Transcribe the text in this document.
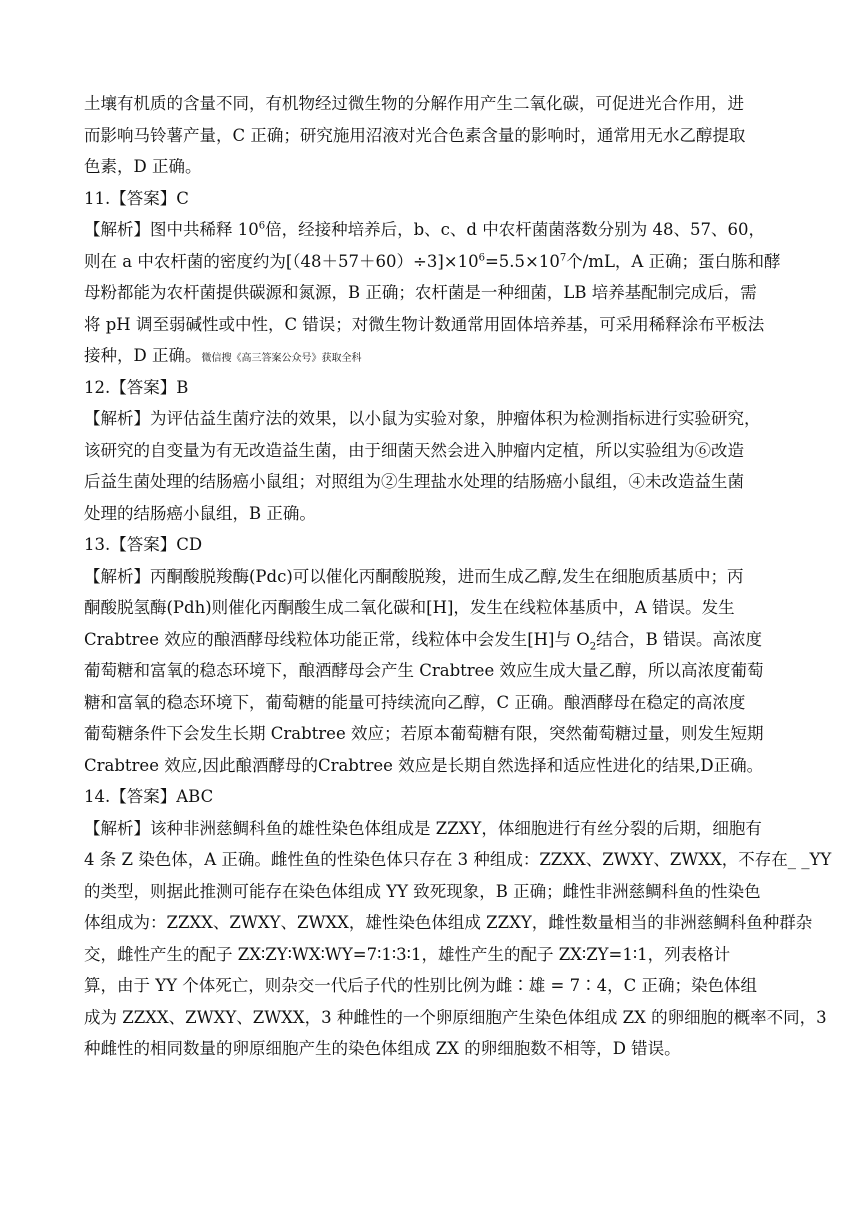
土壤有机质的含量不同，有机物经过微生物的分解作用产生二氧化碳，可促进光合作用，进
而影响马铃薯产量，C 正确；研究施用沼液对光合色素含量的影响时，通常用无水乙醇提取
色素，D 正确。
11.【答案】C
【解析】图中共稀释 $10^6$倍，经接种培养后，b、c、d 中农杆菌菌落数分别为 48、57、60，
则在 a 中农杆菌的密度约为$[(48+57+60)\div 3]\times 10^6=5.5\times 10^7$个/mL，A 正确；蛋白胨和酵
母粉都能为农杆菌提供碳源和氮源，B 正确；农杆菌是一种细菌，LB 培养基配制完成后，需
将 pH 调至弱碱性或中性，C 错误；对微生物计数通常用固体培养基，可采用稀释涂布平板法
接种，D 正确。微信搜《高三答案公众号》获取全科
12.【答案】B
【解析】为评估益生菌疗法的效果，以小鼠为实验对象，肿瘤体积为检测指标进行实验研究，
该研究的自变量为有无改造益生菌，由于细菌天然会进入肿瘤内定植，所以实验组为⑥改造
后益生菌处理的结肠癌小鼠组；对照组为②生理盐水处理的结肠癌小鼠组，④未改造益生菌
处理的结肠癌小鼠组，B 正确。
13.【答案】CD
【解析】丙酮酸脱羧酶(Pdc)可以催化丙酮酸脱羧，进而生成乙醇,发生在细胞质基质中；丙
酮酸脱氢酶(Pdh)则催化丙酮酸生成二氧化碳和[H]，发生在线粒体基质中，A 错误。发生
Crabtree 效应的酿酒酵母线粒体功能正常，线粒体中会发生[H]与 $O_2$结合，B 错误。高浓度
葡萄糖和富氧的稳态环境下，酿酒酵母会产生 Crabtree 效应生成大量乙醇，所以高浓度葡萄
糖和富氧的稳态环境下，葡萄糖的能量可持续流向乙醇，C 正确。酿酒酵母在稳定的高浓度
葡萄糖条件下会发生长期 Crabtree 效应；若原本葡萄糖有限，突然葡萄糖过量，则发生短期
Crabtree 效应,因此酿酒酵母的Crabtree 效应是长期自然选择和适应性进化的结果,D正确。
14.【答案】ABC
【解析】该种非洲慈鲷科鱼的雄性染色体组成是 ZZXY，体细胞进行有丝分裂的后期，细胞有
4 条 Z 染色体，A 正确。雌性鱼的性染色体只存在 3 种组成：ZZXX、ZWXY、ZWXX，不存在_ _YY
的类型，则据此推测可能存在染色体组成 YY 致死现象，B 正确；雌性非洲慈鲷科鱼的性染色
体组成为：ZZXX、ZWXY、ZWXX，雄性染色体组成 ZZXY，雌性数量相当的非洲慈鲷科鱼种群杂
交，雌性产生的配子 ZX∶ZY∶WX∶WY=7∶1∶3∶1，雄性产生的配子 ZX∶ZY=1∶1，列表格计
算，由于 YY 个体死亡，则杂交一代后子代的性别比例为雌∶雄 = 7∶4，C 正确；染色体组
成为 ZZXX、ZWXY、ZWXX，3 种雌性的一个卵原细胞产生染色体组成 ZX 的卵细胞的概率不同，3
种雌性的相同数量的卵原细胞产生的染色体组成 ZX 的卵细胞数不相等，D 错误。
